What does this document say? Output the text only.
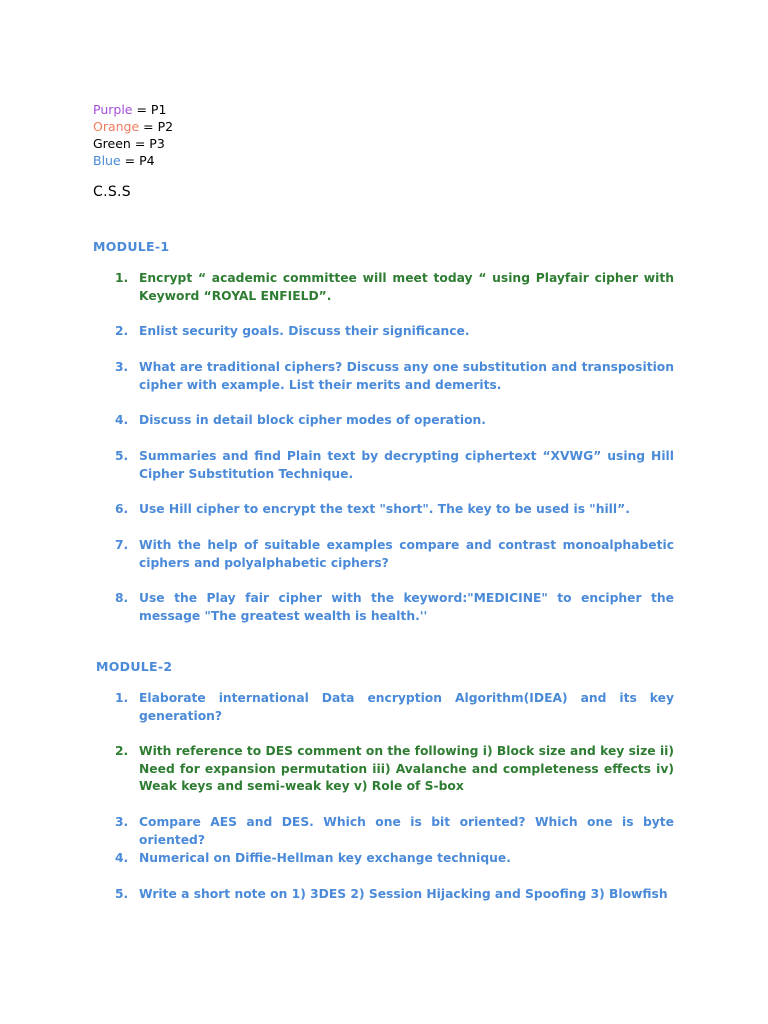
Purple = P1
Orange = P2
Green = P3
Blue = P4
C.S.S
MODULE-1
1. Encrypt “ academic committee will meet today “ using Playfair cipher with Keyword “ROYAL ENFIELD”.
2. Enlist security goals. Discuss their significance.
3. What are traditional ciphers? Discuss any one substitution and transposition cipher with example. List their merits and demerits.
4. Discuss in detail block cipher modes of operation.
5. Summaries and find Plain text by decrypting ciphertext “XVWG” using Hill Cipher Substitution Technique.
6. Use Hill cipher to encrypt the text "short". The key to be used is "hill”.
7. With the help of suitable examples compare and contrast monoalphabetic ciphers and polyalphabetic ciphers?
8. Use the Play fair cipher with the keyword:"MEDICINE" to encipher the message "The greatest wealth is health.''
MODULE-2
1. Elaborate international Data encryption Algorithm(IDEA) and its key generation?
2. With reference to DES comment on the following i) Block size and key size ii) Need for expansion permutation iii) Avalanche and completeness effects iv) Weak keys and semi-weak key v) Role of S-box
3. Compare AES and DES. Which one is bit oriented? Which one is byte oriented?
4. Numerical on Diffie-Hellman key exchange technique.
5. Write a short note on 1) 3DES 2) Session Hijacking and Spoofing 3) Blowfish
